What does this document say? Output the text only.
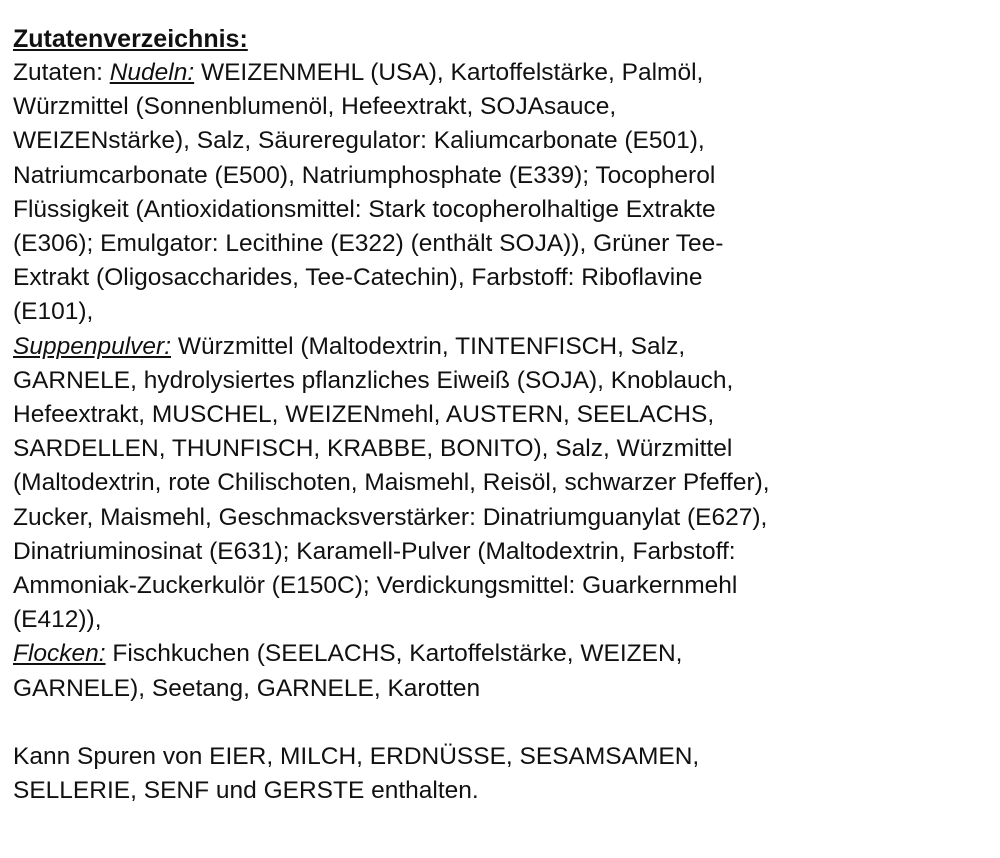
Zutatenverzeichnis:
Zutaten: Nudeln: WEIZENMEHL (USA), Kartoffelstärke, Palmöl,
Würzmittel (Sonnenblumenöl, Hefeextrakt, SOJAsauce,
WEIZENstärke), Salz, Säureregulator: Kaliumcarbonate (E501),
Natriumcarbonate (E500), Natriumphosphate (E339); Tocopherol
Flüssigkeit (Antioxidationsmittel: Stark tocopherolhaltige Extrakte
(E306); Emulgator: Lecithine (E322) (enthält SOJA)), Grüner Tee-
Extrakt (Oligosaccharides, Tee-Catechin), Farbstoff: Riboflavine
(E101),
Suppenpulver: Würzmittel (Maltodextrin, TINTENFISCH, Salz,
GARNELE, hydrolysiertes pflanzliches Eiweiß (SOJA), Knoblauch,
Hefeextrakt, MUSCHEL, WEIZENmehl, AUSTERN, SEELACHS,
SARDELLEN, THUNFISCH, KRABBE, BONITO), Salz, Würzmittel
(Maltodextrin, rote Chilischoten, Maismehl, Reisöl, schwarzer Pfeffer),
Zucker, Maismehl, Geschmacksverstärker: Dinatriumguanylat (E627),
Dinatriuminosinat (E631); Karamell-Pulver (Maltodextrin, Farbstoff:
Ammoniak-Zuckerkulör (E150C); Verdickungsmittel: Guarkernmehl
(E412)),
Flocken: Fischkuchen (SEELACHS, Kartoffelstärke, WEIZEN,
GARNELE), Seetang, GARNELE, Karotten
Kann Spuren von EIER, MILCH, ERDNÜSSE, SESAMSAMEN,
SELLERIE, SENF und GERSTE enthalten.
